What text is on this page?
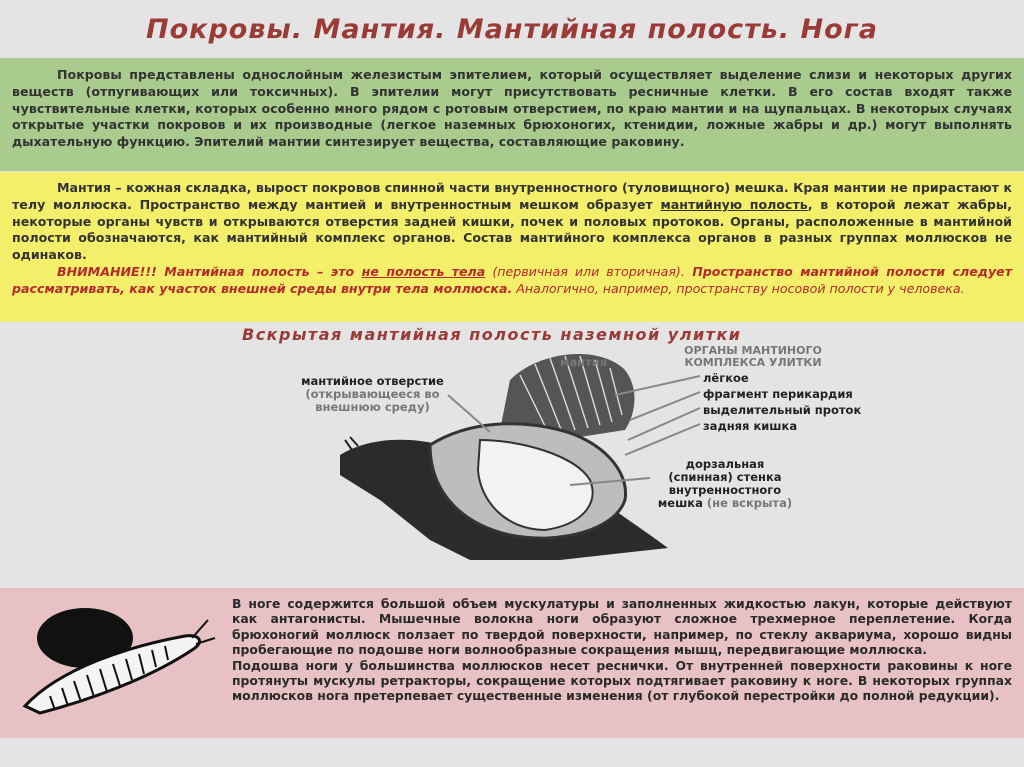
Покровы. Мантия. Мантийная полость. Нога

Покровы представлены однослойным железистым эпителием, который осуществляет выделение слизи и некоторых других веществ (отпугивающих или токсичных). В эпителии могут присутствовать ресничные клетки. В его состав входят также чувствительные клетки, которых особенно много рядом с ротовым отверстием, по краю мантии и на щупальцах. В некоторых случаях открытые участки покровов и их производные (легкое наземных брюхоногих, ктенидии, ложные жабры и др.) могут выполнять дыхательную функцию. Эпителий мантии синтезирует вещества, составляющие раковину.

Мантия – кожная складка, вырост покровов спинной части внутренностного (туловищного) мешка. Края мантии не прирастают к телу моллюска. Пространство между мантией и внутренностным мешком образует мантийную полость, в которой лежат жабры, некоторые органы чувств и открываются отверстия задней кишки, почек и половых протоков. Органы, расположенные в мантийной полости обозначаются, как мантийный комплекс органов. Состав мантийного комплекса органов в разных группах моллюсков не одинаков.

ВНИМАНИЕ!!! Мантийная полость – это не полость тела (первичная или вторичная). Пространство мантийной полости следует рассматривать, как участок внешней среды внутри тела моллюска. Аналогично, например, пространству носовой полости у человека.

Вскрытая мантийная полость наземной улитки
мантийное отверстие
(открывающееся во внешнюю среду)
мантия
ОРГАНЫ МАНТИНОГО
КОМПЛЕКСА УЛИТКИ
лёгкое
фрагмент перикардия
выделительный проток
задняя кишка
дорзальная
(спинная) стенка
внутренностного
мешка (не вскрыта)

В ноге содержится большой объем мускулатуры и заполненных жидкостью лакун, которые действуют как антагонисты. Мышечные волокна ноги образуют сложное трехмерное переплетение. Когда брюхоногий моллюск ползает по твердой поверхности, например, по стеклу аквариума, хорошо видны пробегающие по подошве ноги волнообразные сокращения мышц, передвигающие моллюска.

Подошва ноги у большинства моллюсков несет реснички. От внутренней поверхности раковины к ноге протянуты мускулы ретракторы, сокращение которых подтягивает раковину к ноге. В некоторых группах моллюсков нога претерпевает существенные изменения (от глубокой перестройки до полной редукции).
